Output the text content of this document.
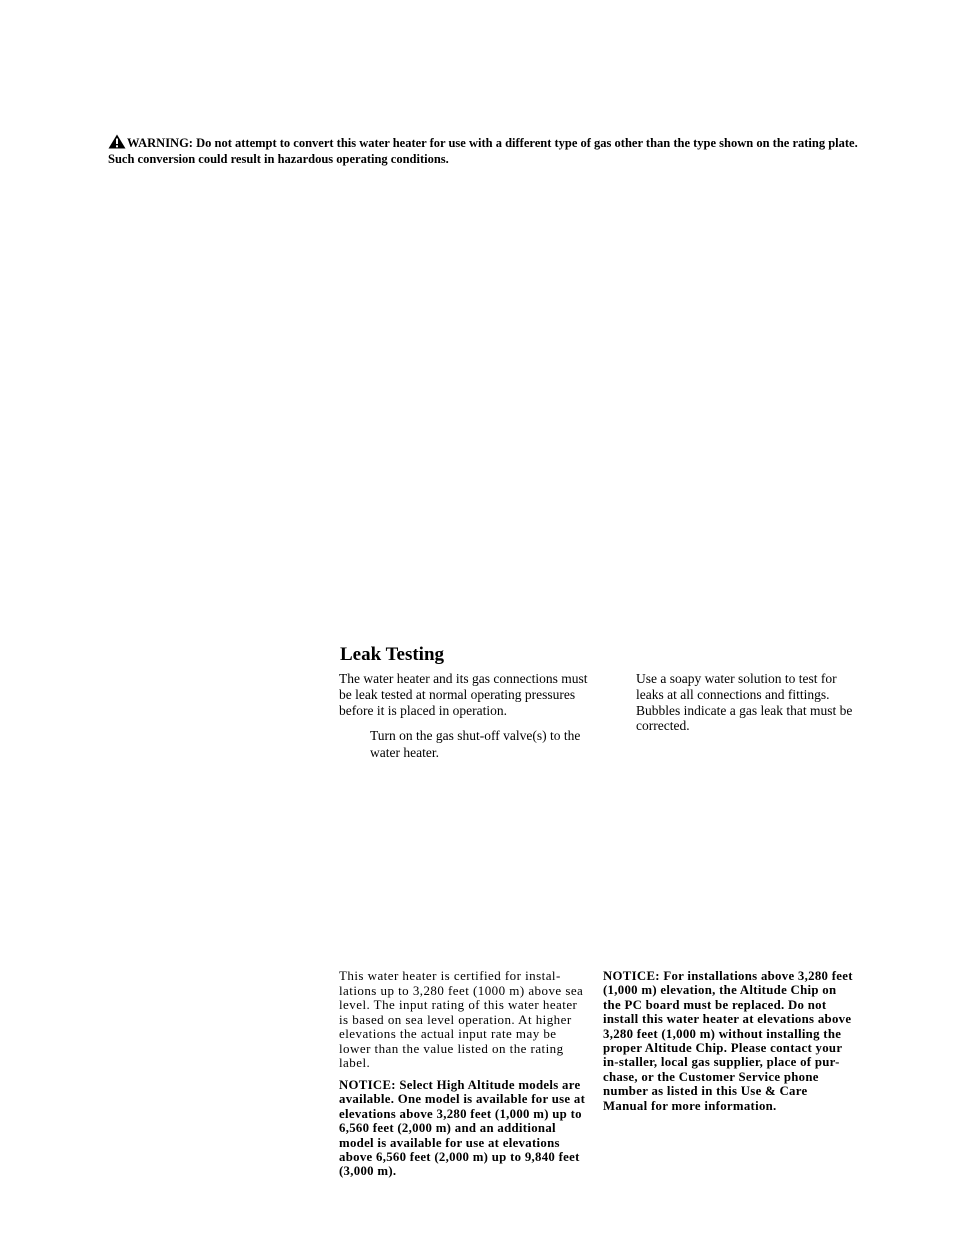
WARNING: Do not attempt to convert this water heater for use with a different type of gas other than the type shown on the rating plate. Such conversion could result in hazardous operating conditions.
Leak Testing

The water heater and its gas connections must be leak tested at normal operating pressures before it is placed in operation.

Turn on the gas shut-off valve(s) to the water heater.

Use a soapy water solution to test for leaks at all connections and fittings. Bubbles indicate a gas leak that must be corrected.

This water heater is certified for instal-lations up to 3,280 feet (1000 m) above sea level. The input rating of this water heater is based on sea level operation. At higher elevations the actual input rate may be lower than the value listed on the rating label.

NOTICE: Select High Altitude models are available. One model is available for use at elevations above 3,280 feet (1,000 m) up to 6,560 feet (2,000 m) and an additional model is available for use at elevations above 6,560 feet (2,000 m) up to 9,840 feet (3,000 m).

NOTICE: For installations above 3,280 feet (1,000 m) elevation, the Altitude Chip on the PC board must be replaced. Do not install this water heater at elevations above 3,280 feet (1,000 m) without installing the proper Altitude Chip. Please contact your in-staller, local gas supplier, place of pur-chase, or the Customer Service phone number as listed in this Use & Care Manual for more information.
